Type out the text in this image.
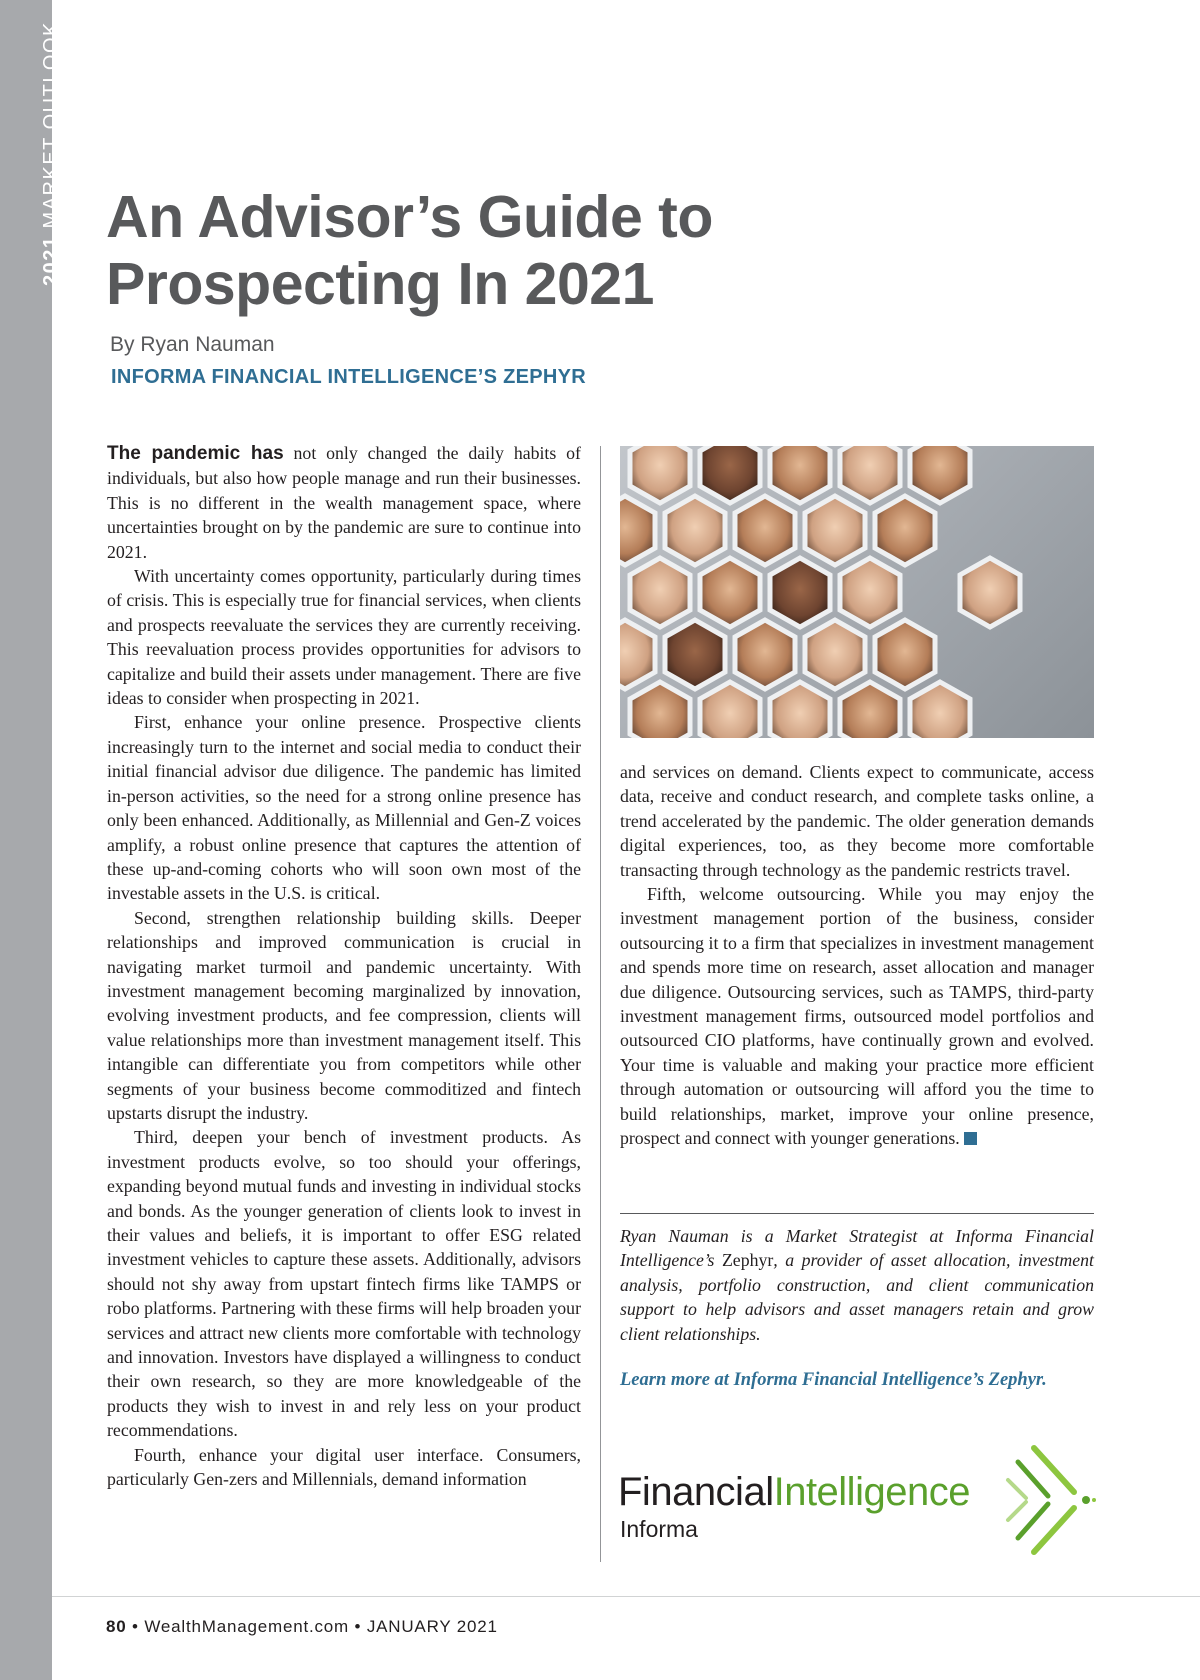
2021 MARKET OUTLOOK An Advisor’s Guide to
Prospecting In 2021
By Ryan Nauman
INFORMA FINANCIAL INTELLIGENCE’S ZEPHYR

The pandemic has not only changed the daily habits of individuals, but also how people manage and run their businesses. This is no different in the wealth management space, where uncertainties brought on by the pandemic are sure to continue into 2021.

With uncertainty comes opportunity, particularly during times of crisis. This is especially true for financial services, when clients and prospects reevaluate the services they are currently receiving. This reevaluation process provides opportunities for advisors to capitalize and build their assets under management. There are five ideas to consider when prospecting in 2021.

First, enhance your online presence. Prospective clients increasingly turn to the internet and social media to conduct their initial financial advisor due diligence. The pandemic has limited in-person activities, so the need for a strong online presence has only been enhanced. Additionally, as Millennial and Gen-Z voices amplify, a robust online presence that captures the attention of these up-and-coming cohorts who will soon own most of the investable assets in the U.S. is critical.

Second, strengthen relationship building skills. Deeper relationships and improved communication is crucial in navigating market turmoil and pandemic uncertainty. With investment management becoming marginalized by innovation, evolving investment products, and fee compression, clients will value relationships more than investment management itself. This intangible can differentiate you from competitors while other segments of your business become commoditized and fintech upstarts disrupt the industry.

Third, deepen your bench of investment products. As investment products evolve, so too should your offerings, expanding beyond mutual funds and investing in individual stocks and bonds. As the younger generation of clients look to invest in their values and beliefs, it is important to offer ESG related investment vehicles to capture these assets. Additionally, advisors should not shy away from upstart fintech firms like TAMPS or robo platforms. Partnering with these firms will help broaden your services and attract new clients more comfortable with technology and innovation. Investors have displayed a willingness to conduct their own research, so they are more knowledgeable of the products they wish to invest in and rely less on your product recommendations.

Fourth, enhance your digital user interface. Consumers, particularly Gen-zers and Millennials, demand information

and services on demand. Clients expect to communicate, access data, receive and conduct research, and complete tasks online, a trend accelerated by the pandemic. The older generation demands digital experiences, too, as they become more comfortable transacting through technology as the pandemic restricts travel.

Fifth, welcome outsourcing. While you may enjoy the investment management portion of the business, consider outsourcing it to a firm that specializes in investment management and spends more time on research, asset allocation and manager due diligence. Outsourcing services, such as TAMPS, third-party investment management firms, outsourced model portfolios and outsourced CIO platforms, have continually grown and evolved. Your time is valuable and making your practice more efficient through automation or outsourcing will afford you the time to build relationships, market, improve your online presence, prospect and connect with younger generations.

Ryan Nauman is a Market Strategist at Informa Financial Intelligence’s Zephyr, a provider of asset allocation, investment analysis, portfolio construction, and client communication support to help advisors and asset managers retain and grow client relationships.
Learn more at Informa Financial Intelligence’s Zephyr.
FinancialIntelligence
Informa
80 • WealthManagement.com • JANUARY 2021
